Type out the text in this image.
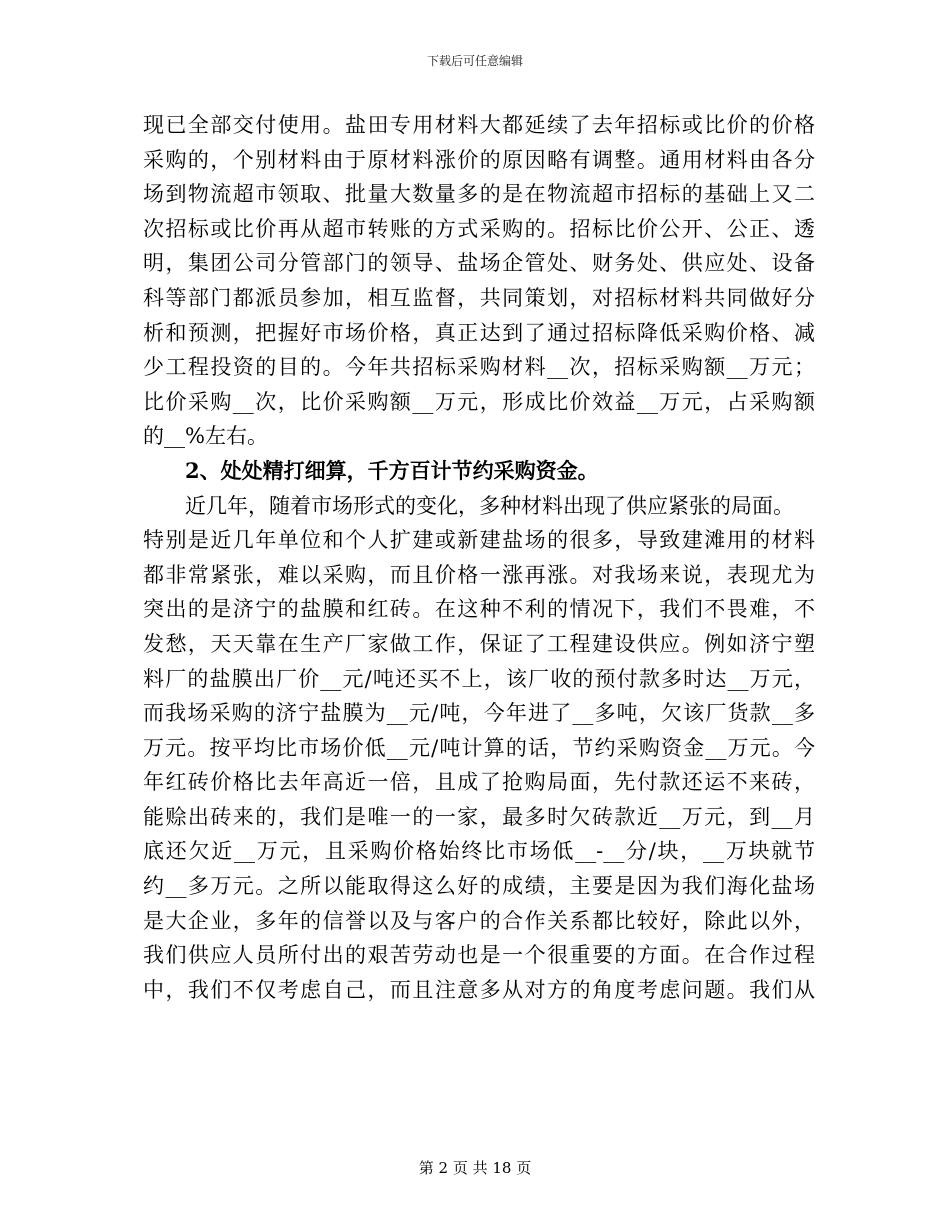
下载后可任意编辑
现已全部交付使用。盐田专用材料大都延续了去年招标或比价的价格
采购的，个别材料由于原材料涨价的原因略有调整。通用材料由各分
场到物流超市领取、批量大数量多的是在物流超市招标的基础上又二
次招标或比价再从超市转账的方式采购的。招标比价公开、公正、透
明，集团公司分管部门的领导、盐场企管处、财务处、供应处、设备
科等部门都派员参加，相互监督，共同策划，对招标材料共同做好分
析和预测，把握好市场价格，真正达到了通过招标降低采购价格、减
少工程投资的目的。今年共招标采购材料__次，招标采购额__万元；
比价采购__次，比价采购额__万元，形成比价效益__万元，占采购额
的__%左右。
2、处处精打细算，千方百计节约采购资金。
近几年，随着市场形式的变化，多种材料出现了供应紧张的局面。
特别是近几年单位和个人扩建或新建盐场的很多，导致建滩用的材料
都非常紧张，难以采购，而且价格一涨再涨。对我场来说，表现尤为
突出的是济宁的盐膜和红砖。在这种不利的情况下，我们不畏难，不
发愁，天天靠在生产厂家做工作，保证了工程建设供应。例如济宁塑
料厂的盐膜出厂价__元/吨还买不上，该厂收的预付款多时达__万元，
而我场采购的济宁盐膜为__元/吨，今年进了__多吨，欠该厂货款__多
万元。按平均比市场价低__元/吨计算的话，节约采购资金__万元。今
年红砖价格比去年高近一倍，且成了抢购局面，先付款还运不来砖，
能赊出砖来的，我们是唯一的一家，最多时欠砖款近__万元，到__月
底还欠近__万元，且采购价格始终比市场低__-__分/块，__万块就节
约__多万元。之所以能取得这么好的成绩，主要是因为我们海化盐场
是大企业，多年的信誉以及与客户的合作关系都比较好，除此以外，
我们供应人员所付出的艰苦劳动也是一个很重要的方面。在合作过程
中，我们不仅考虑自己，而且注意多从对方的角度考虑问题。我们从
第 2 页 共 18 页
